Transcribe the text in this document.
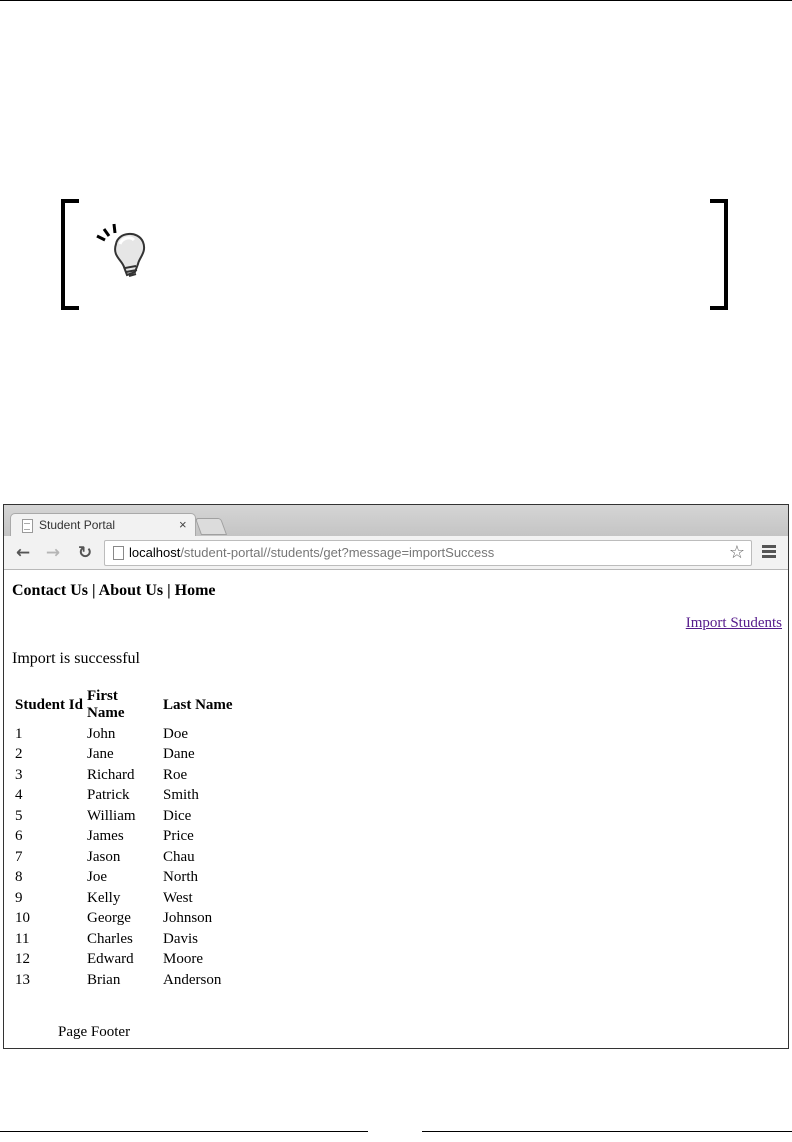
Student Portal	×
← → ↻	localhost/student-portal//students/get?message=importSuccess	☆
Contact Us | About Us | Home
Import Students
Import is successful
Student Id	First Name	Last Name
1	John	Doe
2	Jane	Dane
3	Richard	Roe
4	Patrick	Smith
5	William	Dice
6	James	Price
7	Jason	Chau
8	Joe	North
9	Kelly	West
10	George	Johnson
11	Charles	Davis
12	Edward	Moore
13	Brian	Anderson
Page Footer
